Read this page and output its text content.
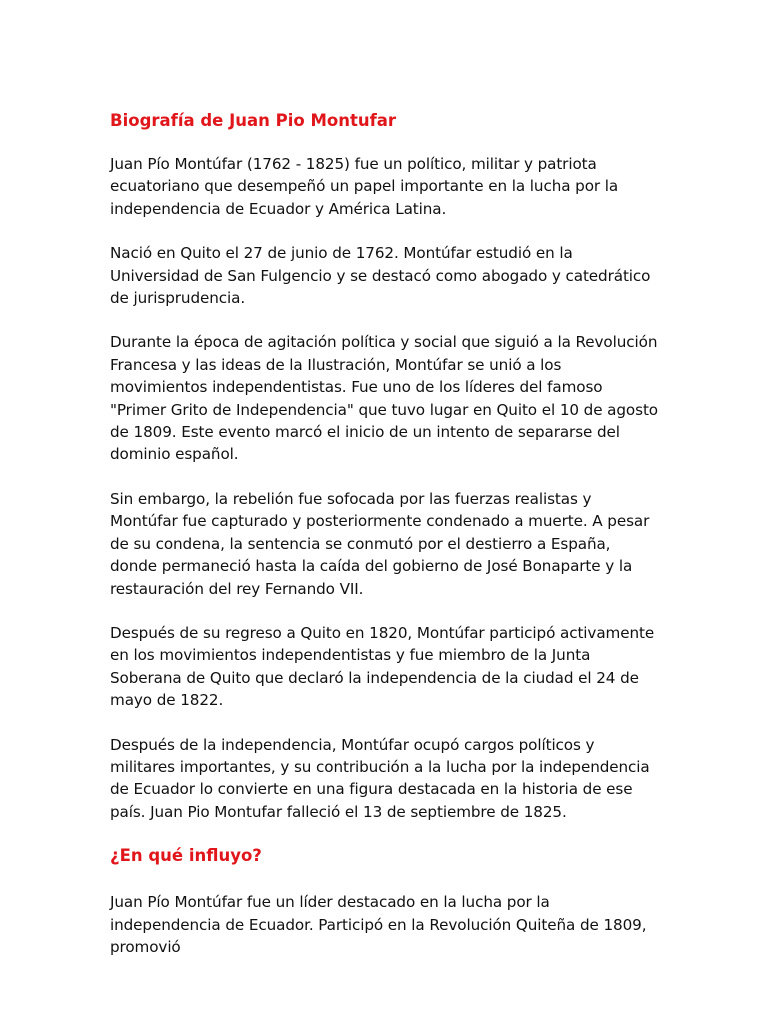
Biografía de Juan Pio Montufar

Juan Pío Montúfar (1762 - 1825) fue un político, militar y patriota ecuatoriano que desempeñó un papel importante en la lucha por la independencia de Ecuador y América Latina.

Nació en Quito el 27 de junio de 1762. Montúfar estudió en la Universidad de San Fulgencio y se destacó como abogado y catedrático de jurisprudencia.

Durante la época de agitación política y social que siguió a la Revolución Francesa y las ideas de la Ilustración, Montúfar se unió a los movimientos independentistas. Fue uno de los líderes del famoso "Primer Grito de Independencia" que tuvo lugar en Quito el 10 de agosto de 1809. Este evento marcó el inicio de un intento de separarse del dominio español.

Sin embargo, la rebelión fue sofocada por las fuerzas realistas y Montúfar fue capturado y posteriormente condenado a muerte. A pesar de su condena, la sentencia se conmutó por el destierro a España, donde permaneció hasta la caída del gobierno de José Bonaparte y la restauración del rey Fernando VII.

Después de su regreso a Quito en 1820, Montúfar participó activamente en los movimientos independentistas y fue miembro de la Junta Soberana de Quito que declaró la independencia de la ciudad el 24 de mayo de 1822.

Después de la independencia, Montúfar ocupó cargos políticos y militares importantes, y su contribución a la lucha por la independencia de Ecuador lo convierte en una figura destacada en la historia de ese país. Juan Pio Montufar falleció el 13 de septiembre de 1825.

¿En qué influyo?

Juan Pío Montúfar fue un líder destacado en la lucha por la independencia de Ecuador. Participó en la Revolución Quiteña de 1809, promovió
